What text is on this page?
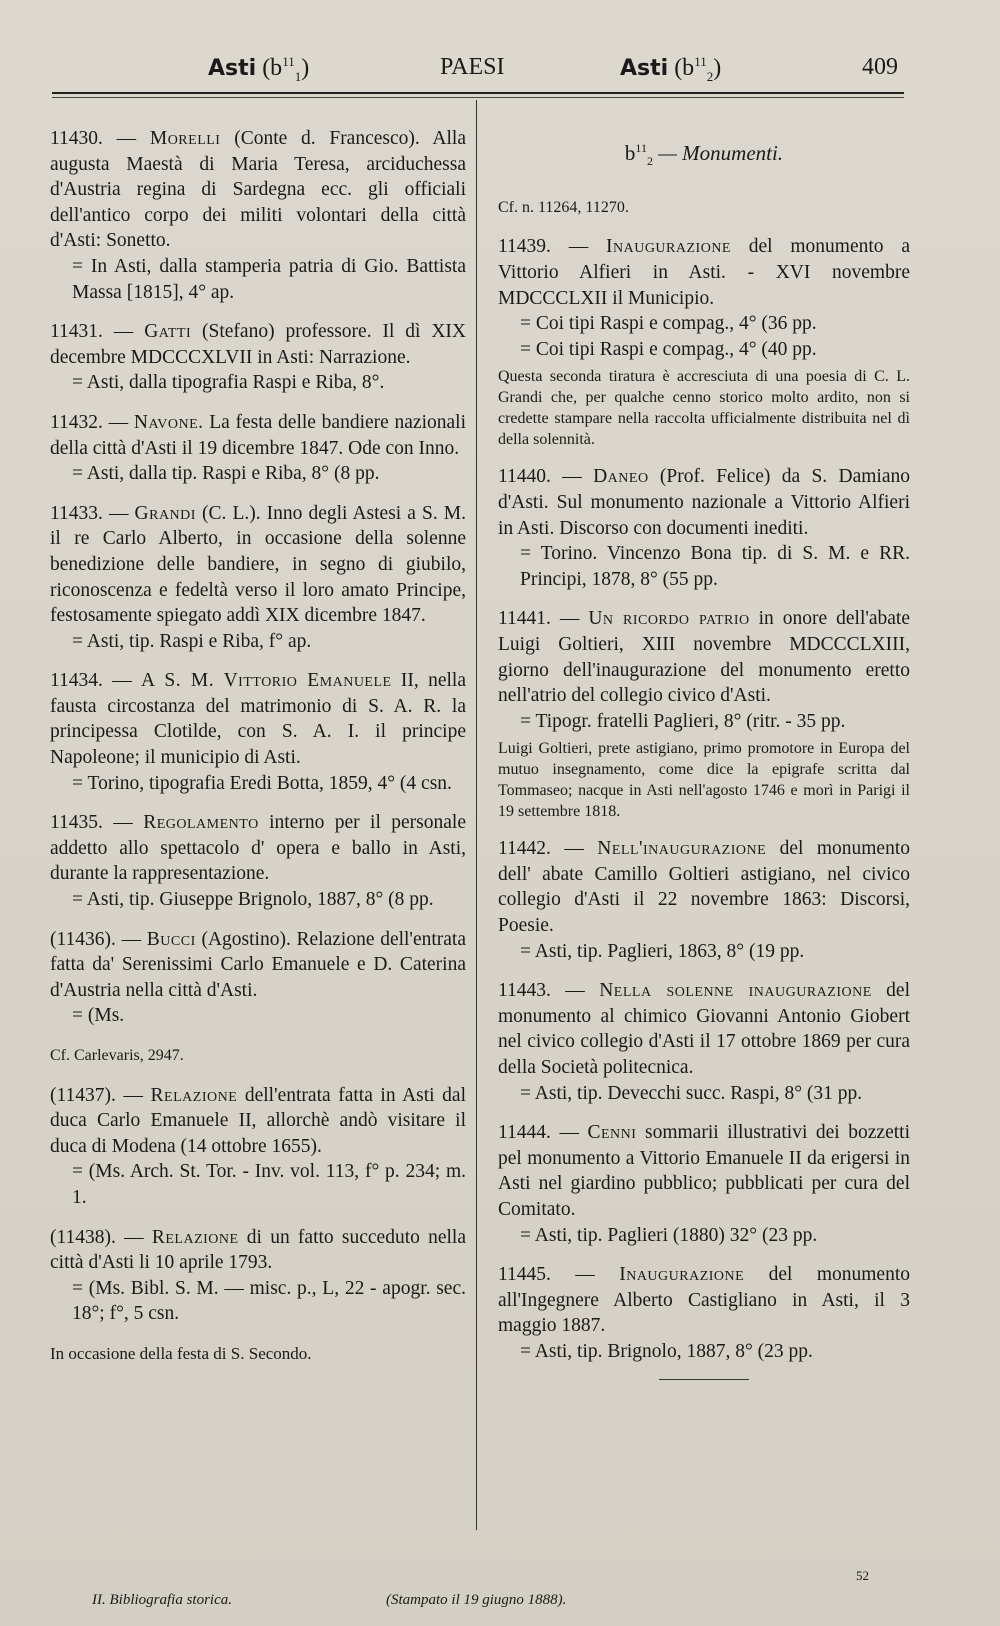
Asti $(b^{11}_1)$	PAESI	Asti $(b^{11}_2)$	409
11430. — Morelli (Conte d. Francesco). Alla augusta Maestà di Maria Teresa, arciduchessa d'Austria regina di Sardegna ecc. gli officiali dell'antico corpo dei militi volontari della città d'Asti: Sonetto.
= In Asti, dalla stamperia patria di Gio. Battista Massa [1815], 4° ap.
11431. — Gatti (Stefano) professore. Il dì XIX decembre MDCCCXLVII in Asti: Narrazione.
= Asti, dalla tipografia Raspi e Riba, 8°.
11432. — Navone. La festa delle bandiere nazionali della città d'Asti il 19 dicembre 1847. Ode con Inno.
= Asti, dalla tip. Raspi e Riba, 8° (8 pp.
11433. — Grandi (C. L.). Inno degli Astesi a S. M. il re Carlo Alberto, in occasione della solenne benedizione delle bandiere, in segno di giubilo, riconoscenza e fedeltà verso il loro amato Principe, festosamente spiegato addì XIX dicembre 1847.
= Asti, tip. Raspi e Riba, f° ap.
11434. — A S. M. Vittorio Emanuele II, nella fausta circostanza del matrimonio di S. A. R. la principessa Clotilde, con S. A. I. il principe Napoleone; il municipio di Asti.
= Torino, tipografia Eredi Botta, 1859, 4° (4 csn.
11435. — Regolamento interno per il personale addetto allo spettacolo d' opera e ballo in Asti, durante la rappresentazione.
= Asti, tip. Giuseppe Brignolo, 1887, 8° (8 pp.
(11436). — Bucci (Agostino). Relazione dell'entrata fatta da' Serenissimi Carlo Emanuele e D. Caterina d'Austria nella città d'Asti.
= (Ms.
Cf. Carlevaris, 2947.
(11437). — Relazione dell'entrata fatta in Asti dal duca Carlo Emanuele II, allorchè andò visitare il duca di Modena (14 ottobre 1655).
= (Ms. Arch. St. Tor. - Inv. vol. 113, f° p. 234; m. 1.
(11438). — Relazione di un fatto succeduto nella città d'Asti li 10 aprile 1793.
= (Ms. Bibl. S. M. — misc. p., L, 22 - apogr. sec. 18°; f°, 5 csn.
In occasione della festa di S. Secondo.
$b^{11}_2$ — Monumenti.
Cf. n. 11264, 11270.
11439. — Inaugurazione del monumento a Vittorio Alfieri in Asti. - XVI novembre MDCCCLXII il Municipio.
= Coi tipi Raspi e compag., 4° (36 pp.
= Coi tipi Raspi e compag., 4° (40 pp.
Questa seconda tiratura è accresciuta di una poesia di C. L. Grandi che, per qualche cenno storico molto ardito, non si credette stampare nella raccolta ufficialmente distribuita nel dì della solennità.
11440. — Daneo (Prof. Felice) da S. Damiano d'Asti. Sul monumento nazionale a Vittorio Alfieri in Asti. Discorso con documenti inediti.
= Torino. Vincenzo Bona tip. di S. M. e RR. Principi, 1878, 8° (55 pp.
11441. — Un ricordo patrio in onore dell'abate Luigi Goltieri, XIII novembre MDCCCLXIII, giorno dell'inaugurazione del monumento eretto nell'atrio del collegio civico d'Asti.
= Tipogr. fratelli Paglieri, 8° (ritr. - 35 pp.
Luigi Goltieri, prete astigiano, primo promotore in Europa del mutuo insegnamento, come dice la epigrafe scritta dal Tommaseo; nacque in Asti nell'agosto 1746 e morì in Parigi il 19 settembre 1818.
11442. — Nell'inaugurazione del monumento dell' abate Camillo Goltieri astigiano, nel civico collegio d'Asti il 22 novembre 1863: Discorsi, Poesie.
= Asti, tip. Paglieri, 1863, 8° (19 pp.
11443. — Nella solenne inaugurazione del monumento al chimico Giovanni Antonio Giobert nel civico collegio d'Asti il 17 ottobre 1869 per cura della Società politecnica.
= Asti, tip. Devecchi succ. Raspi, 8° (31 pp.
11444. — Cenni sommarii illustrativi dei bozzetti pel monumento a Vittorio Emanuele II da erigersi in Asti nel giardino pubblico; pubblicati per cura del Comitato.
= Asti, tip. Paglieri (1880) 32° (23 pp.
11445. — Inaugurazione del monumento all'Ingegnere Alberto Castigliano in Asti, il 3 maggio 1887.
= Asti, tip. Brignolo, 1887, 8° (23 pp.
II. Bibliografia storica.	(Stampato il 19 giugno 1888).
52
